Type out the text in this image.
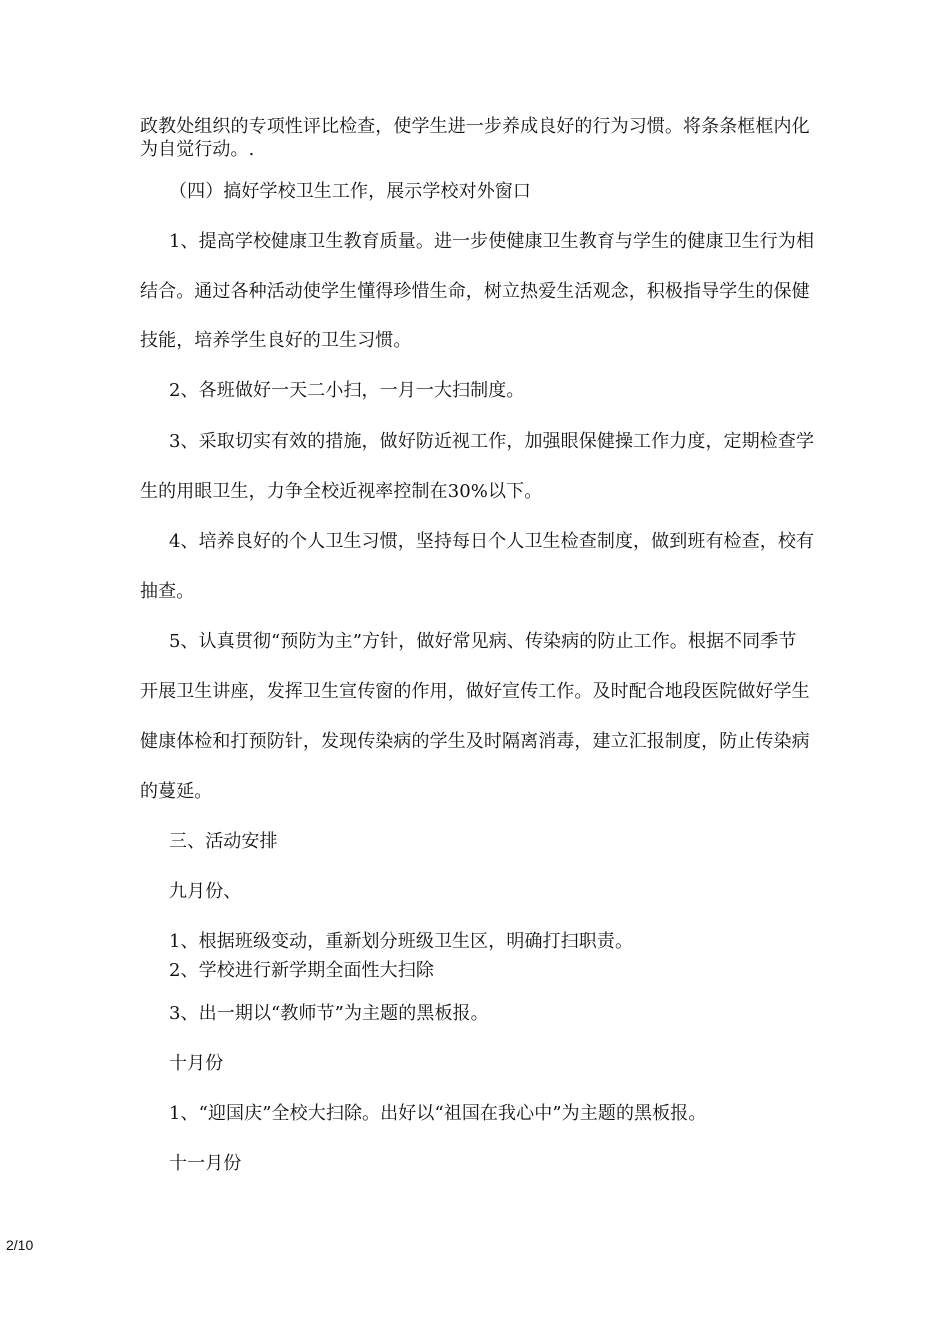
政教处组织的专项性评比检查，使学生进一步养成良好的行为习惯。将条条框框内化
为自觉行动。.
（四）搞好学校卫生工作，展示学校对外窗口
1、提高学校健康卫生教育质量。进一步使健康卫生教育与学生的健康卫生行为相
结合。通过各种活动使学生懂得珍惜生命，树立热爱生活观念，积极指导学生的保健
技能，培养学生良好的卫生习惯。
2、各班做好一天二小扫，一月一大扫制度。
3、采取切实有效的措施，做好防近视工作，加强眼保健操工作力度，定期检查学
生的用眼卫生，力争全校近视率控制在30%以下。
4、培养良好的个人卫生习惯，坚持每日个人卫生检查制度，做到班有检查，校有
抽查。
5、认真贯彻“预防为主”方针，做好常见病、传染病的防止工作。根据不同季节
开展卫生讲座，发挥卫生宣传窗的作用，做好宣传工作。及时配合地段医院做好学生
健康体检和打预防针，发现传染病的学生及时隔离消毒，建立汇报制度，防止传染病
的蔓延。
三、活动安排
九月份、
1、根据班级变动，重新划分班级卫生区，明确打扫职责。
2、学校进行新学期全面性大扫除
3、出一期以“教师节”为主题的黑板报。
十月份
1、“迎国庆”全校大扫除。出好以“祖国在我心中”为主题的黑板报。
十一月份
2/10
